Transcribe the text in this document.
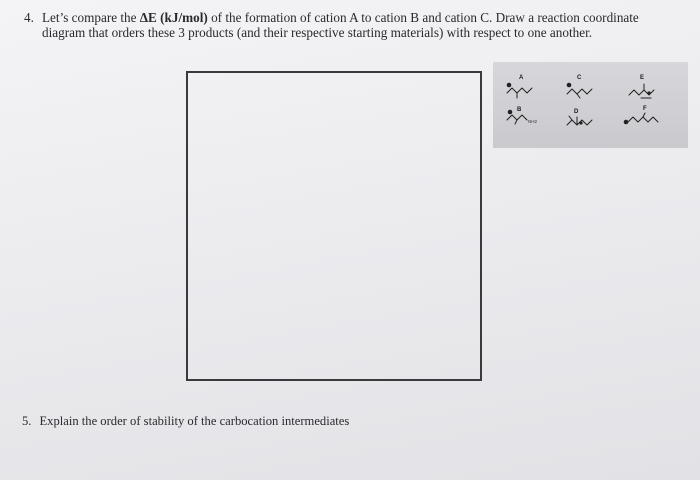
4. Let’s compare the ΔE (kJ/mol) of the formation of cation A to cation B and cation C. Draw a reaction coordinate diagram that orders these 3 products (and their respective starting materials) with respect to one another.
A	C	E
B	D	F
NH2
5. Explain the order of stability of the carbocation intermediates
